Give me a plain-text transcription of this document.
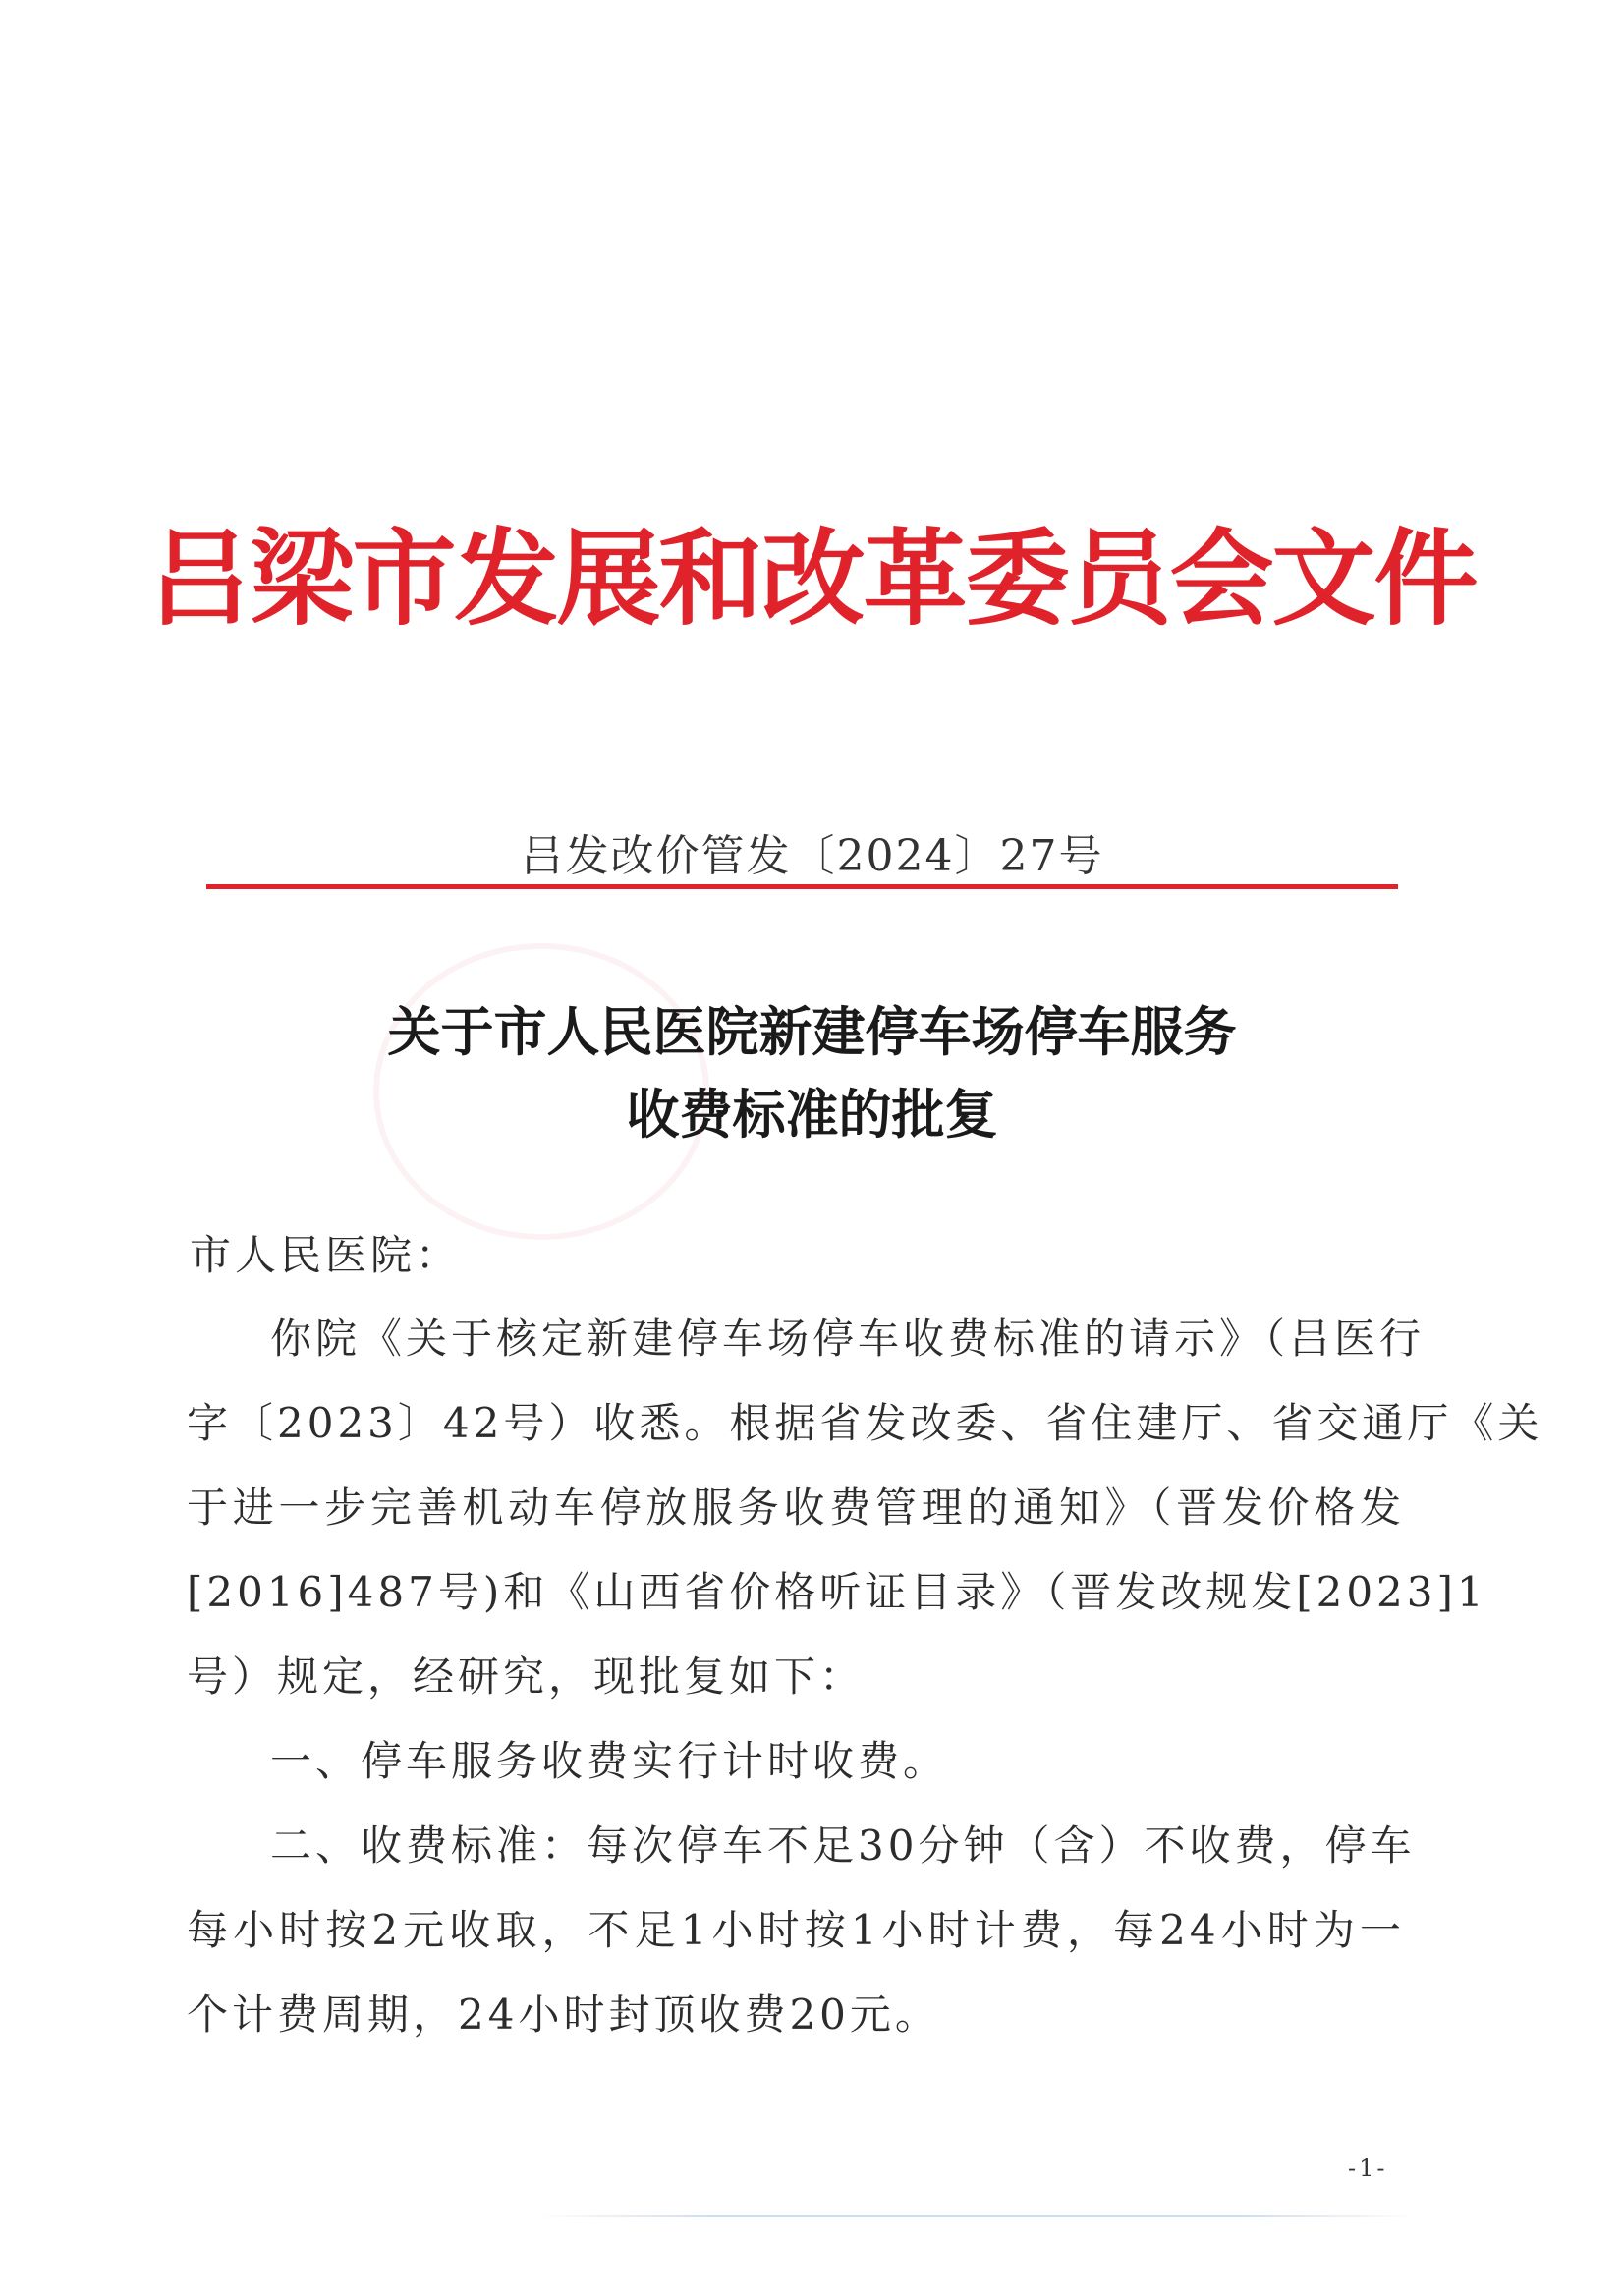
吕梁市发展和改革委员会文件
吕发改价管发〔2024〕27号
关于市人民医院新建停车场停车服务
收费标准的批复
市人民医院：
你院《关于核定新建停车场停车收费标准的请示》（吕医行
字〔2023〕42号）收悉。根据省发改委、省住建厅、省交通厅《关
于进一步完善机动车停放服务收费管理的通知》（晋发价格发
[2016]487号)和《山西省价格听证目录》（晋发改规发[2023]1
号）规定，经研究，现批复如下：
一、停车服务收费实行计时收费。
二、收费标准：每次停车不足30分钟（含）不收费，停车
每小时按2元收取，不足1小时按1小时计费，每24小时为一
个计费周期，24小时封顶收费20元。
-1-
